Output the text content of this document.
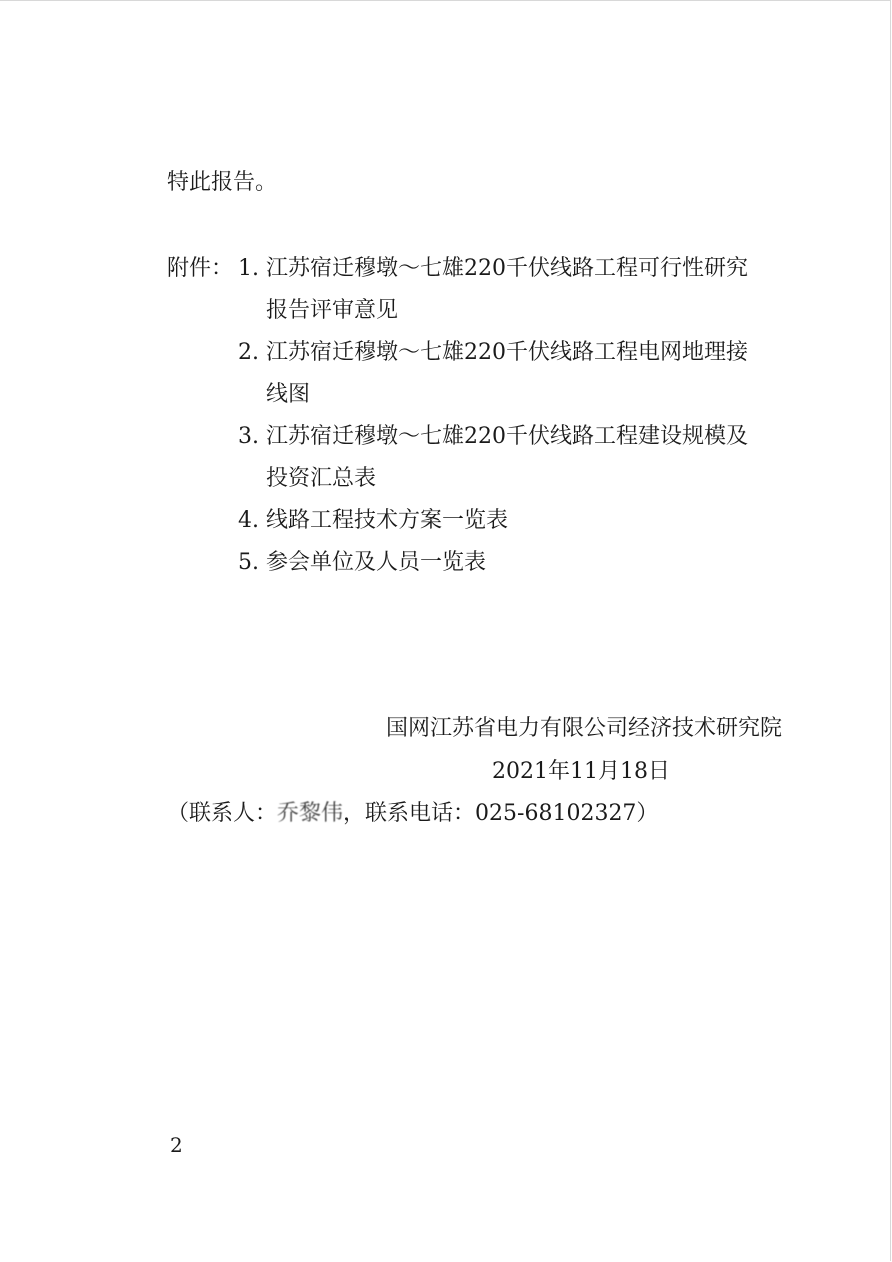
特此报告。
附件： 1. 江苏宿迁穆墩～七雄220千伏线路工程可行性研究
报告评审意见
2. 江苏宿迁穆墩～七雄220千伏线路工程电网地理接
线图
3. 江苏宿迁穆墩～七雄220千伏线路工程建设规模及
投资汇总表
4. 线路工程技术方案一览表
5. 参会单位及人员一览表
国网江苏省电力有限公司经济技术研究院
2021年11月18日
（联系人：乔黎伟，联系电话：025-68102327）
2
